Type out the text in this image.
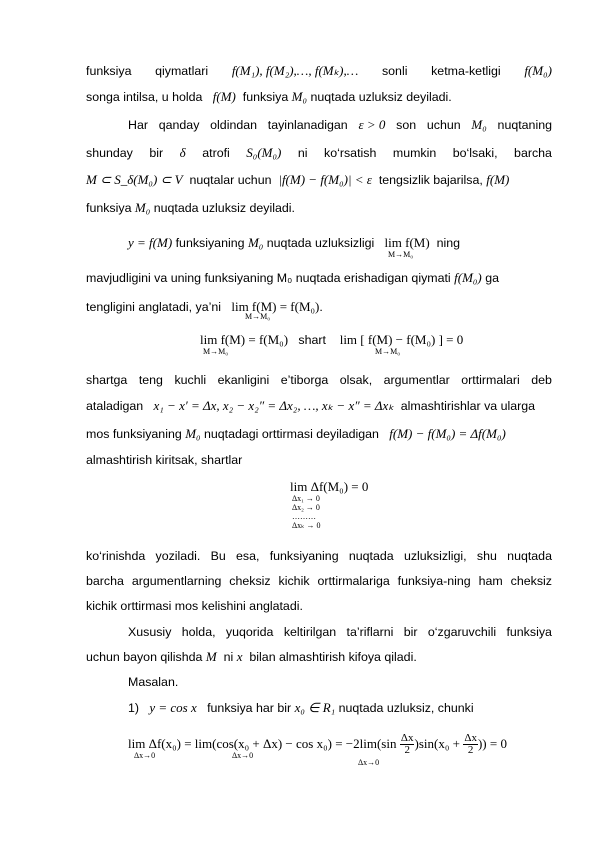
funksiya qiymatlari f(M₁), f(M₂),…, f(Mₖ),… sonli ketma-ketligi f(M₀)
songa intilsa, u holda f(M) funksiya M₀ nuqtada uzluksiz deyiladi.
Har qanday oldindan tayinlanadigan ε > 0 son uchun M₀ nuqtaning
shunday bir δ atrofi S₀(M₀) ni ko‘rsatish mumkin bo‘lsaki, barcha
M ⊂ S_δ(M₀) ⊂ V nuqtalar uchun |f(M) − f(M₀)| < ε tengsizlik bajarilsa, f(M)
funksiya M₀ nuqtada uzluksiz deyiladi.
y = f(M) funksiyaning M₀ nuqtada uzluksizligi lim f(M) ning
M→M₀
mavjudligini va uning funksiyaning M₀ nuqtada erishadigan qiymati f(M₀) ga
tengligini anglatadi, ya’ni lim f(M) = f(M₀).
M→M₀
lim f(M) = f(M₀) shart lim [ f(M) − f(M₀) ] = 0
M→M₀	M→M₀
shartga teng kuchli ekanligini e’tiborga olsak, argumentlar orttirmalari deb
ataladigan x₁ − x′ = Δx, x₂ − x₂″ = Δx₂, …, xₖ − x″ = Δxₖ almashtirishlar va ularga
mos funksiyaning M₀ nuqtadagi orttirmasi deyiladigan f(M) − f(M₀) = Δf(M₀)
almashtirish kiritsak, shartlar
lim Δf(M₀) = 0
Δx₁ → 0
Δx₂ → 0
………
Δxₖ → 0
ko‘rinishda yoziladi. Bu esa, funksiyaning nuqtada uzluksizligi, shu nuqtada
barcha argumentlarning cheksiz kichik orttirmalariga funksiya-ning ham cheksiz
kichik orttirmasi mos kelishini anglatadi.
Xususiy holda, yuqorida keltirilgan ta’riflarni bir o‘zgaruvchili funksiya
uchun bayon qilishda M ni x bilan almashtirish kifoya qiladi.
Masalan.
1) y = cos x funksiya har bir x₀ ∈ R₁ nuqtada uzluksiz, chunki
$\lim \Delta f(x_0) = \lim(\cos(x_0 + \Delta x) - \cos x_0) = -2\lim(\sin \frac{\Delta x}{2} )\sin(x_0 + \frac{\Delta x}{2}$ )) = 0
Δx→0	Δx→0
Δx→0
